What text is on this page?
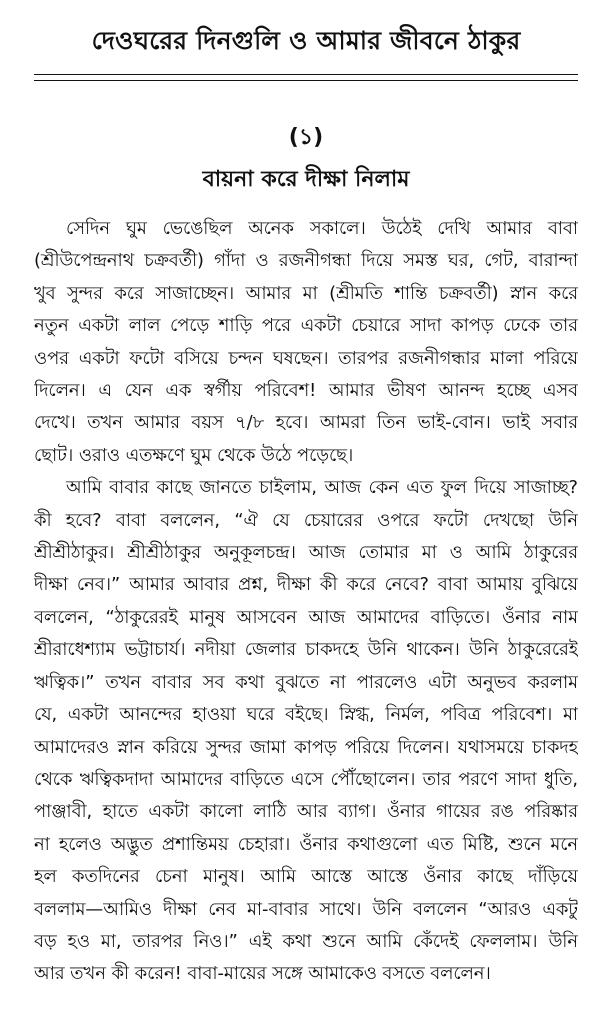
দেওঘরের দিনগুলি ও আমার জীবনে ঠাকুর
(১)
বায়না করে দীক্ষা নিলাম
সেদিন ঘুম ভেঙেছিল অনেক সকালে। উঠেই দেখি আমার বাবা
(শ্রীউপেন্দ্রনাথ চক্রবর্তী) গাঁদা ও রজনীগন্ধা দিয়ে সমস্ত ঘর, গেট, বারান্দা
খুব সুন্দর করে সাজাচ্ছেন। আমার মা (শ্রীমতি শান্তি চক্রবর্তী) স্নান করে
নতুন একটা লাল পেড়ে শাড়ি পরে একটা চেয়ারে সাদা কাপড় ঢেকে তার
ওপর একটা ফটো বসিয়ে চন্দন ঘষছেন। তারপর রজনীগন্ধার মালা পরিয়ে
দিলেন। এ যেন এক স্বর্গীয় পরিবেশ! আমার ভীষণ আনন্দ হচ্ছে এসব
দেখে। তখন আমার বয়স ৭/৮ হবে। আমরা তিন ভাই-বোন। ভাই সবার
ছোট। ওরাও এতক্ষণে ঘুম থেকে উঠে পড়েছে।
আমি বাবার কাছে জানতে চাইলাম, আজ কেন এত ফুল দিয়ে সাজাচ্ছ?
কী হবে? বাবা বললেন, “ঐ যে চেয়ারের ওপরে ফটো দেখছো উনি
শ্রীশ্রীঠাকুর। শ্রীশ্রীঠাকুর অনুকূলচন্দ্র। আজ তোমার মা ও আমি ঠাকুরের
দীক্ষা নেব।” আমার আবার প্রশ্ন, দীক্ষা কী করে নেবে? বাবা আমায় বুঝিয়ে
বললেন, “ঠাকুরেরই মানুষ আসবেন আজ আমাদের বাড়িতে। ওঁনার নাম
শ্রীরাধেশ্যাম ভট্টাচার্য। নদীয়া জেলার চাকদহে উনি থাকেন। উনি ঠাকুরেরেই
ঋত্বিক।” তখন বাবার সব কথা বুঝতে না পারলেও এটা অনুভব করলাম
যে, একটা আনন্দের হাওয়া ঘরে বইছে। স্নিগ্ধ, নির্মল, পবিত্র পরিবেশ। মা
আমাদেরও স্নান করিয়ে সুন্দর জামা কাপড় পরিয়ে দিলেন। যথাসময়ে চাকদহ
থেকে ঋত্বিকদাদা আমাদের বাড়িতে এসে পৌঁছোলেন। তার পরণে সাদা ধুতি,
পাঞ্জাবী, হাতে একটা কালো লাঠি আর ব্যাগ। ওঁনার গায়ের রঙ পরিষ্কার
না হলেও অদ্ভুত প্রশান্তিময় চেহারা। ওঁনার কথাগুলো এত মিষ্টি, শুনে মনে
হল কতদিনের চেনা মানুষ। আমি আস্তে আস্তে ওঁনার কাছে দাঁড়িয়ে
বললাম—আমিও দীক্ষা নেব মা-বাবার সাথে। উনি বললেন “আরও একটু
বড় হও মা, তারপর নিও।” এই কথা শুনে আমি কেঁদেই ফেললাম। উনি
আর তখন কী করেন! বাবা-মায়ের সঙ্গে আমাকেও বসতে বললেন।
